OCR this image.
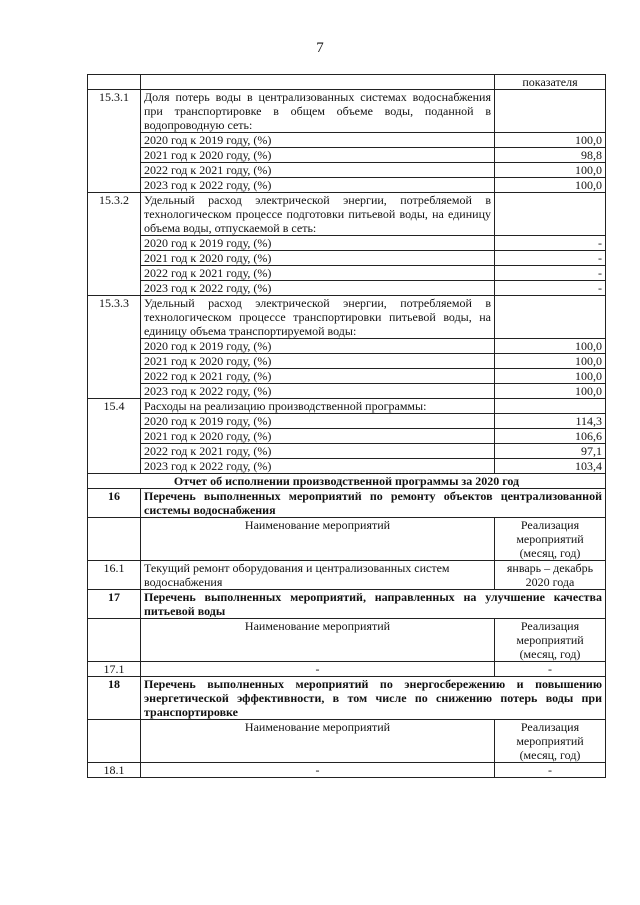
7
		показателя
15.3.1	Доля потерь воды в централизованных системах водоснабжения при транспортировке в общем объеме воды, поданной в водопроводную сеть:	
	2020 год к 2019 году, (%)	100,0
	2021 год к 2020 году, (%)	98,8
	2022 год к 2021 году, (%)	100,0
	2023 год к 2022 году, (%)	100,0
15.3.2	Удельный расход электрической энергии, потребляемой в технологическом процессе подготовки питьевой воды, на единицу объема воды, отпускаемой в сеть:	
	2020 год к 2019 году, (%)	-
	2021 год к 2020 году, (%)	-
	2022 год к 2021 году, (%)	-
	2023 год к 2022 году, (%)	-
15.3.3	Удельный расход электрической энергии, потребляемой в технологическом процессе транспортировки питьевой воды, на единицу объема транспортируемой воды:	
	2020 год к 2019 году, (%)	100,0
	2021 год к 2020 году, (%)	100,0
	2022 год к 2021 году, (%)	100,0
	2023 год к 2022 году, (%)	100,0
15.4	Расходы на реализацию производственной программы:	
	2020 год к 2019 году, (%)	114,3
	2021 год к 2020 году, (%)	106,6
	2022 год к 2021 году, (%)	97,1
	2023 год к 2022 году, (%)	103,4
Отчет об исполнении производственной программы за 2020 год		
16	Перечень выполненных мероприятий по ремонту объектов централизованной системы водоснабжения	
	Наименование мероприятий	Реализация мероприятий (месяц, год)
16.1	Текущий ремонт оборудования и централизованных систем водоснабжения	январь – декабрь 2020 года
17	Перечень выполненных мероприятий, направленных на улучшение качества питьевой воды	
	Наименование мероприятий	Реализация мероприятий (месяц, год)
17.1	-	-
18	Перечень выполненных мероприятий по энергосбережению и повышению энергетической эффективности, в том числе по снижению потерь воды при транспортировке	
	Наименование мероприятий	Реализация мероприятий (месяц, год)
18.1	-	-
